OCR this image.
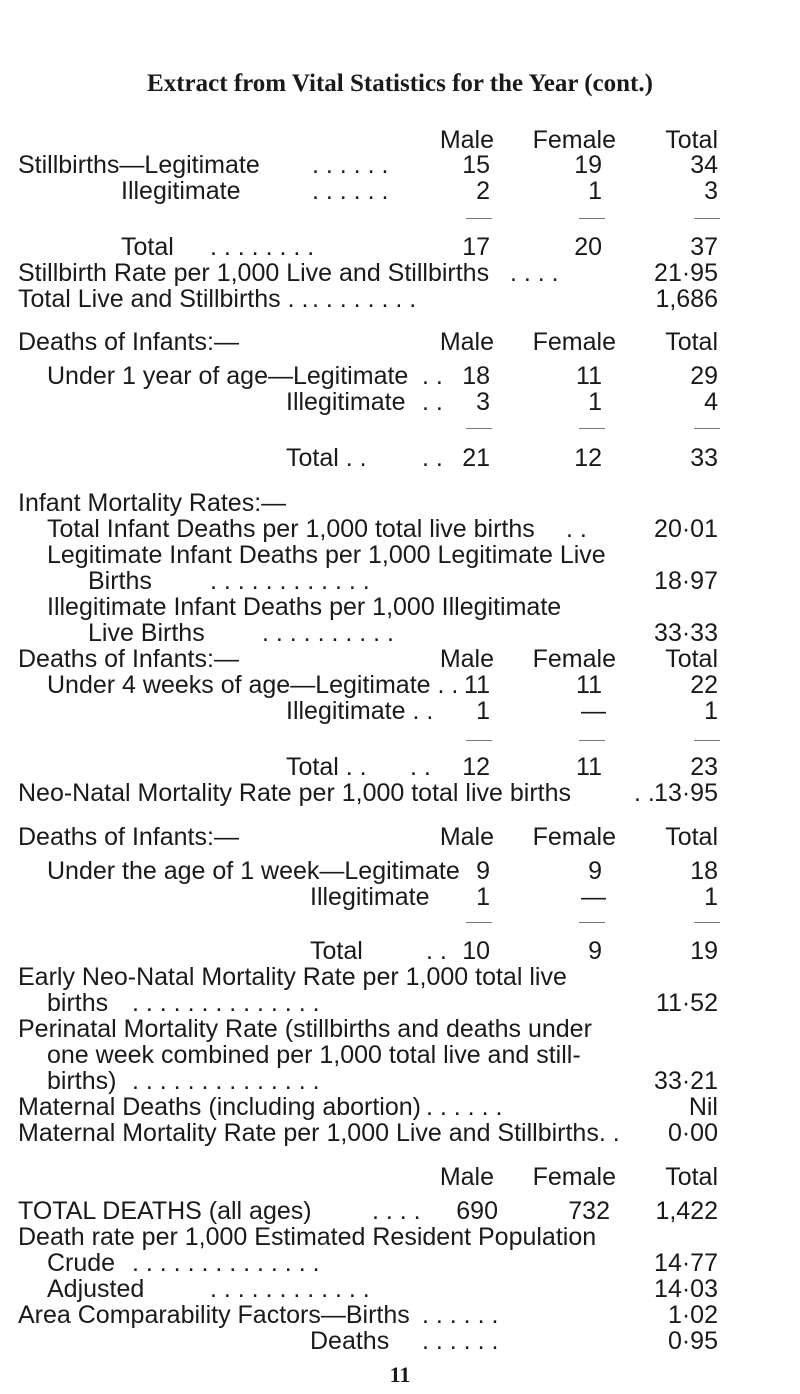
Extract from Vital Statistics for the Year (cont.)
Male Female Total
Stillbirths—Legitimate . . . . . .	15	19	34
Illegitimate	. . . . . .	2	1	3
Total . . . . . . . .	17	20	37
Stillbirth Rate per 1,000 Live and Stillbirths . . . .	21·95
Total Live and Stillbirths . . . . . . . . . .	1,686
Deaths of Infants:—	Male Female Total
Under 1 year of age—Legitimate . . 18	11	29
Illegitimate . . 3	1	4
Total . . . . 21	12	33
Infant Mortality Rates:—
Total Infant Deaths per 1,000 total live births . .	20·01
Legitimate Infant Deaths per 1,000 Legitimate Live
Births . . . . . . . . . . . .	18·97
Illegitimate Infant Deaths per 1,000 Illegitimate
Live Births . . . . . . . . . .	33·33
Deaths of Infants:—	Male Female Total
Under 4 weeks of age—Legitimate . . 11	11	22
Illegitimate . . 1	—	1
Total . . . . 12	11	23
Neo-Natal Mortality Rate per 1,000 total live births	. . 13·95
Deaths of Infants:—	Male Female Total
Under the age of 1 week—Legitimate 9	9	18
Illegitimate 1	—	1
Total	. . 10	9	19
Early Neo-Natal Mortality Rate per 1,000 total live
births . . . . . . . . . . . . . .	11·52
Perinatal Mortality Rate (stillbirths and deaths under
one week combined per 1,000 total live and still-
births) . . . . . . . . . . . . . .	33·21
Maternal Deaths (including abortion) . . . . . .	Nil
Maternal Mortality Rate per 1,000 Live and Stillbirths. . 0·00
Male Female Total
TOTAL DEATHS (all ages) . . . . 690	732 1,422
Death rate per 1,000 Estimated Resident Population
Crude . . . . . . . . . . . . . .	14·77
Adjusted	. . . . . . . . . . . .	14·03
Area Comparability Factors—Births . . . . . .	1·02
Deaths . . . . . .	0·95
11
